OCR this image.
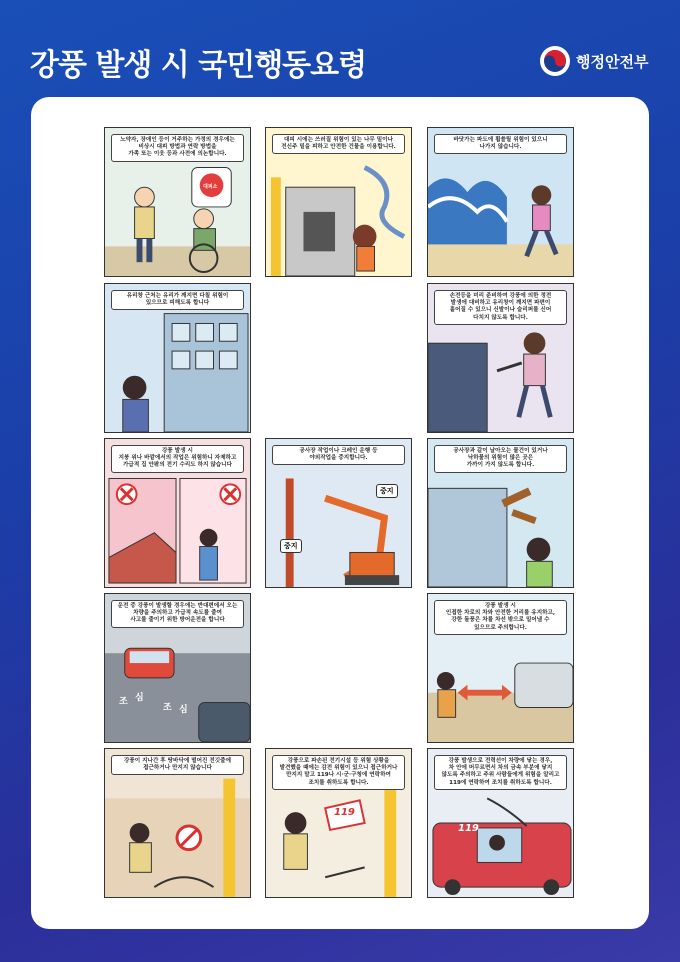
강풍 발생 시 국민행동요령	행정안전부
노약자, 장애인 등이 거주하는 가정의 경우에는
비상시 대피 방법과 연락 방법을
가족 또는 이웃 등과 사전에 의논합니다.
대피소
대피 시에는 쓰러질 위험이 있는 나무 밑이나
전신주 밑을 피하고 안전한 건물을 이용합니다.
바닷가는 파도에 휩쓸릴 위험이 있으니
나가지 않습니다.
유리창 근처는 유리가 깨지면 다칠 위험이
있으므로 피해도록 합니다
손전등을 미리 준비하여 강풍에 의한 정전
발생에 대비하고 유리창이 깨지면 파편이
흩어질 수 있으니 신발이나 슬리퍼를 신어
다치지 않도록 합니다.
강풍 발생 시
지붕 위나 바깥에서의 작업은 위험하니 자제하고
가급적 집 안팎의 전기 수리도 하지 않습니다
공사장 작업이나 크레인 운행 등
야외작업을 중지합니다.
중지
중지
공사장과 같이 날아오는 물건이 있거나
낙하물의 위험이 많은 곳은
가까이 가지 않도록 합니다.
운전 중 강풍이 발생할 경우에는 반대편에서 오는
차량을 주의하고 가급적 속도를 줄여
사고를 줄이기 위한 방어운전을 합니다
조 심
조 심
강풍 발생 시
인접한 차로의 차와 안전한 거리를 유지하고,
강한 돌풍은 차를 차선 밖으로 밀어낼 수
있으므로 주의합니다.
강풍이 지나간 후 땅바닥에 떨어진 전깃줄에
접근하거나 만지지 않습니다
강풍으로 파손된 전기시설 등 위험 상황을
발견했을 때에는 감전 위험이 있으니 접근하거나
만지지 말고 119나 시·군·구청에 연락하여
조치를 취하도록 합니다.
119
강풍 발생으로 전력선이 차량에 닿는 경우,
차 안에 머무르면서 차의 금속 부분에 닿지
않도록 주의하고 주위 사람들에게 위험을 알리고
119에 연락하여 조치를 취하도록 합니다.
119
